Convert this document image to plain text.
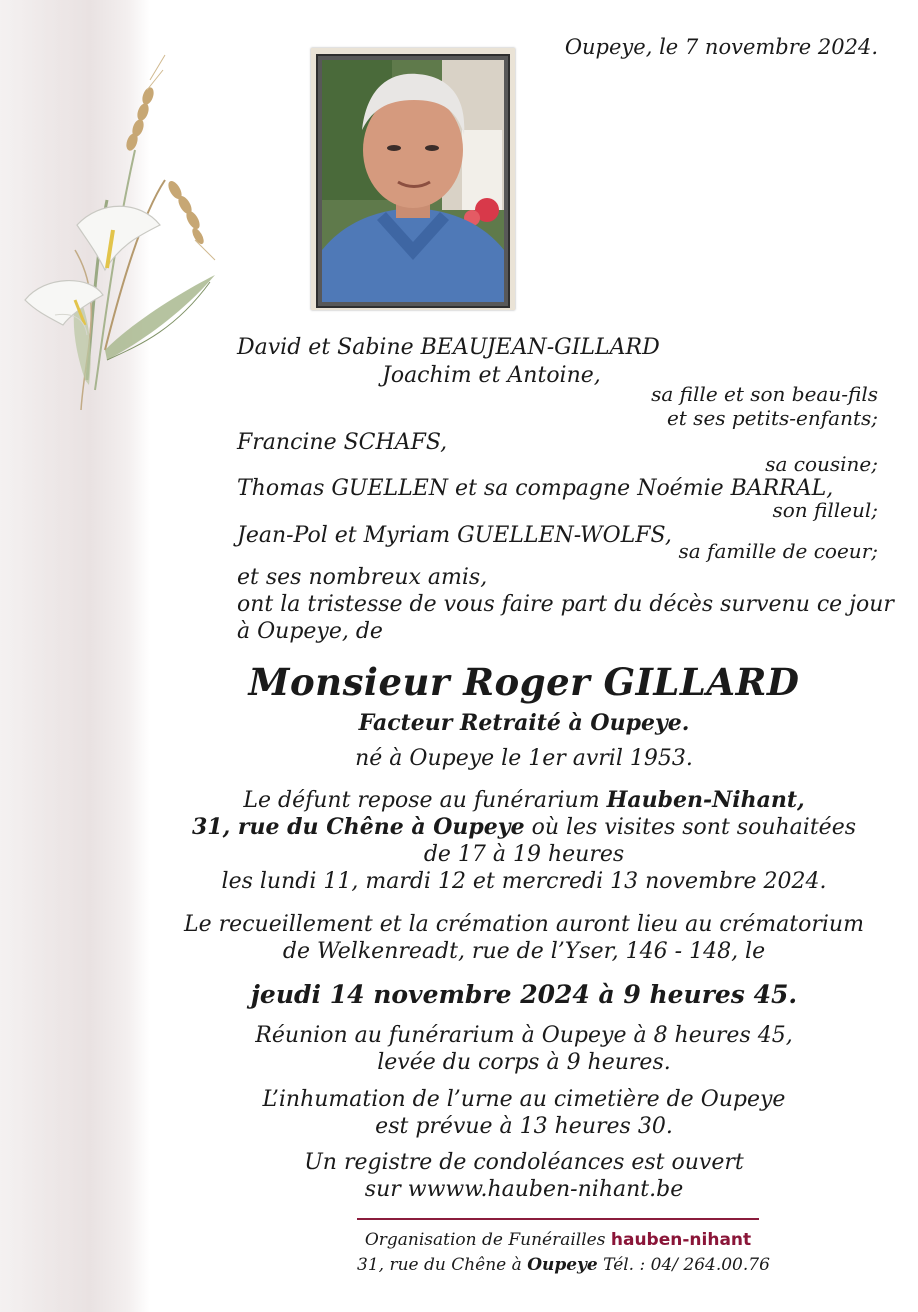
Oupeye, le 7 novembre 2024.
David et Sabine BEAUJEAN-GILLARD
Joachim et Antoine,
sa fille et son beau-fils
et ses petits-enfants;
Francine SCHAFS,
sa cousine;
Thomas GUELLEN et sa compagne Noémie BARRAL,
son filleul;
Jean-Pol et Myriam GUELLEN-WOLFS,
sa famille de coeur;
et ses nombreux amis,
ont la tristesse de vous faire part du décès survenu ce jour
à Oupeye, de
Monsieur Roger GILLARD
Facteur Retraité à Oupeye.
né à Oupeye le 1er avril 1953.
Le défunt repose au funérarium Hauben-Nihant,
31, rue du Chêne à Oupeye où les visites sont souhaitées
de 17 à 19 heures
les lundi 11, mardi 12 et mercredi 13 novembre 2024.
Le recueillement et la crémation auront lieu au crématorium
de Welkenreadt, rue de l’Yser, 146 - 148, le
jeudi 14 novembre 2024 à 9 heures 45.
Réunion au funérarium à Oupeye à 8 heures 45,
levée du corps à 9 heures.
L’inhumation de l’urne au cimetière de Oupeye
est prévue à 13 heures 30.
Un registre de condoléances est ouvert
sur wwww.hauben-nihant.be
Organisation de Funérailles hauben-nihant
31, rue du Chêne à Oupeye Tél. : 04/ 264.00.76
